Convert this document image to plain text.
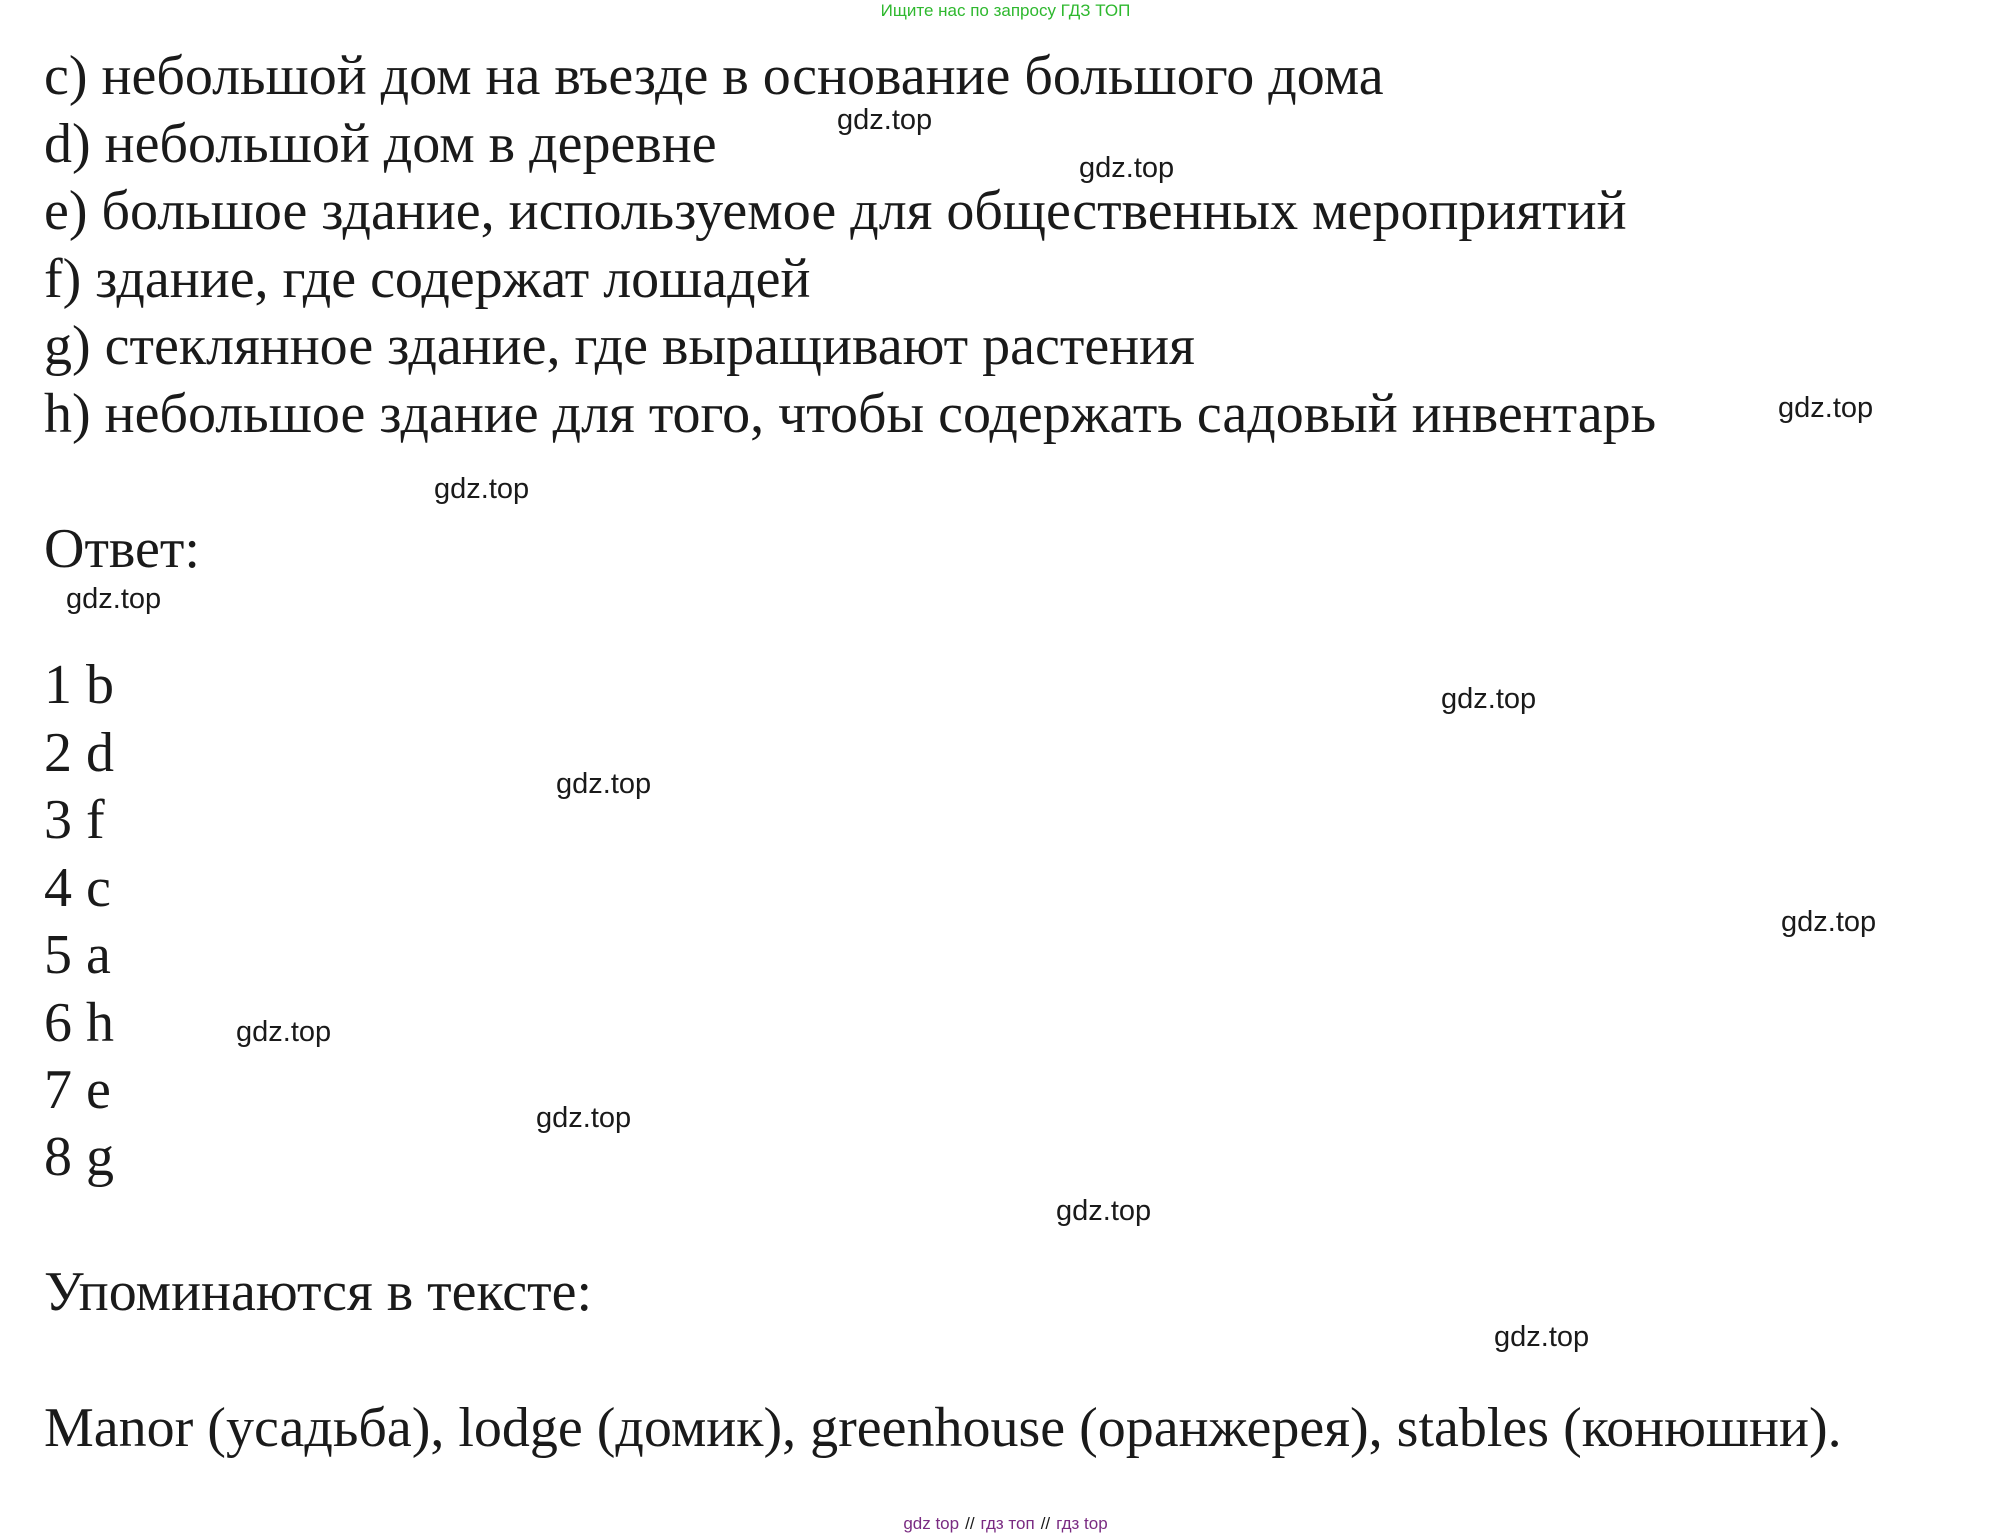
Ищите нас по запросу ГДЗ ТОП
c) небольшой дом на въезде в основание большого дома
d) небольшой дом в деревне
e) большое здание, используемое для общественных мероприятий
f) здание, где содержат лошадей
g) стеклянное здание, где выращивают растения
h) небольшое здание для того, чтобы содержать садовый инвентарь
Ответ:
1 b
2 d
3 f
4 c
5 a
6 h
7 e
8 g
Упоминаются в тексте:
Manor (усадьба), lodge (домик), greenhouse (оранжерея), stables (конюшни).
gdz.top
gdz.top
gdz.top
gdz.top
gdz.top
gdz.top
gdz.top
gdz.top
gdz.top
gdz.top
gdz.top
gdz.top
gdz top // гдз топ // гдз top
